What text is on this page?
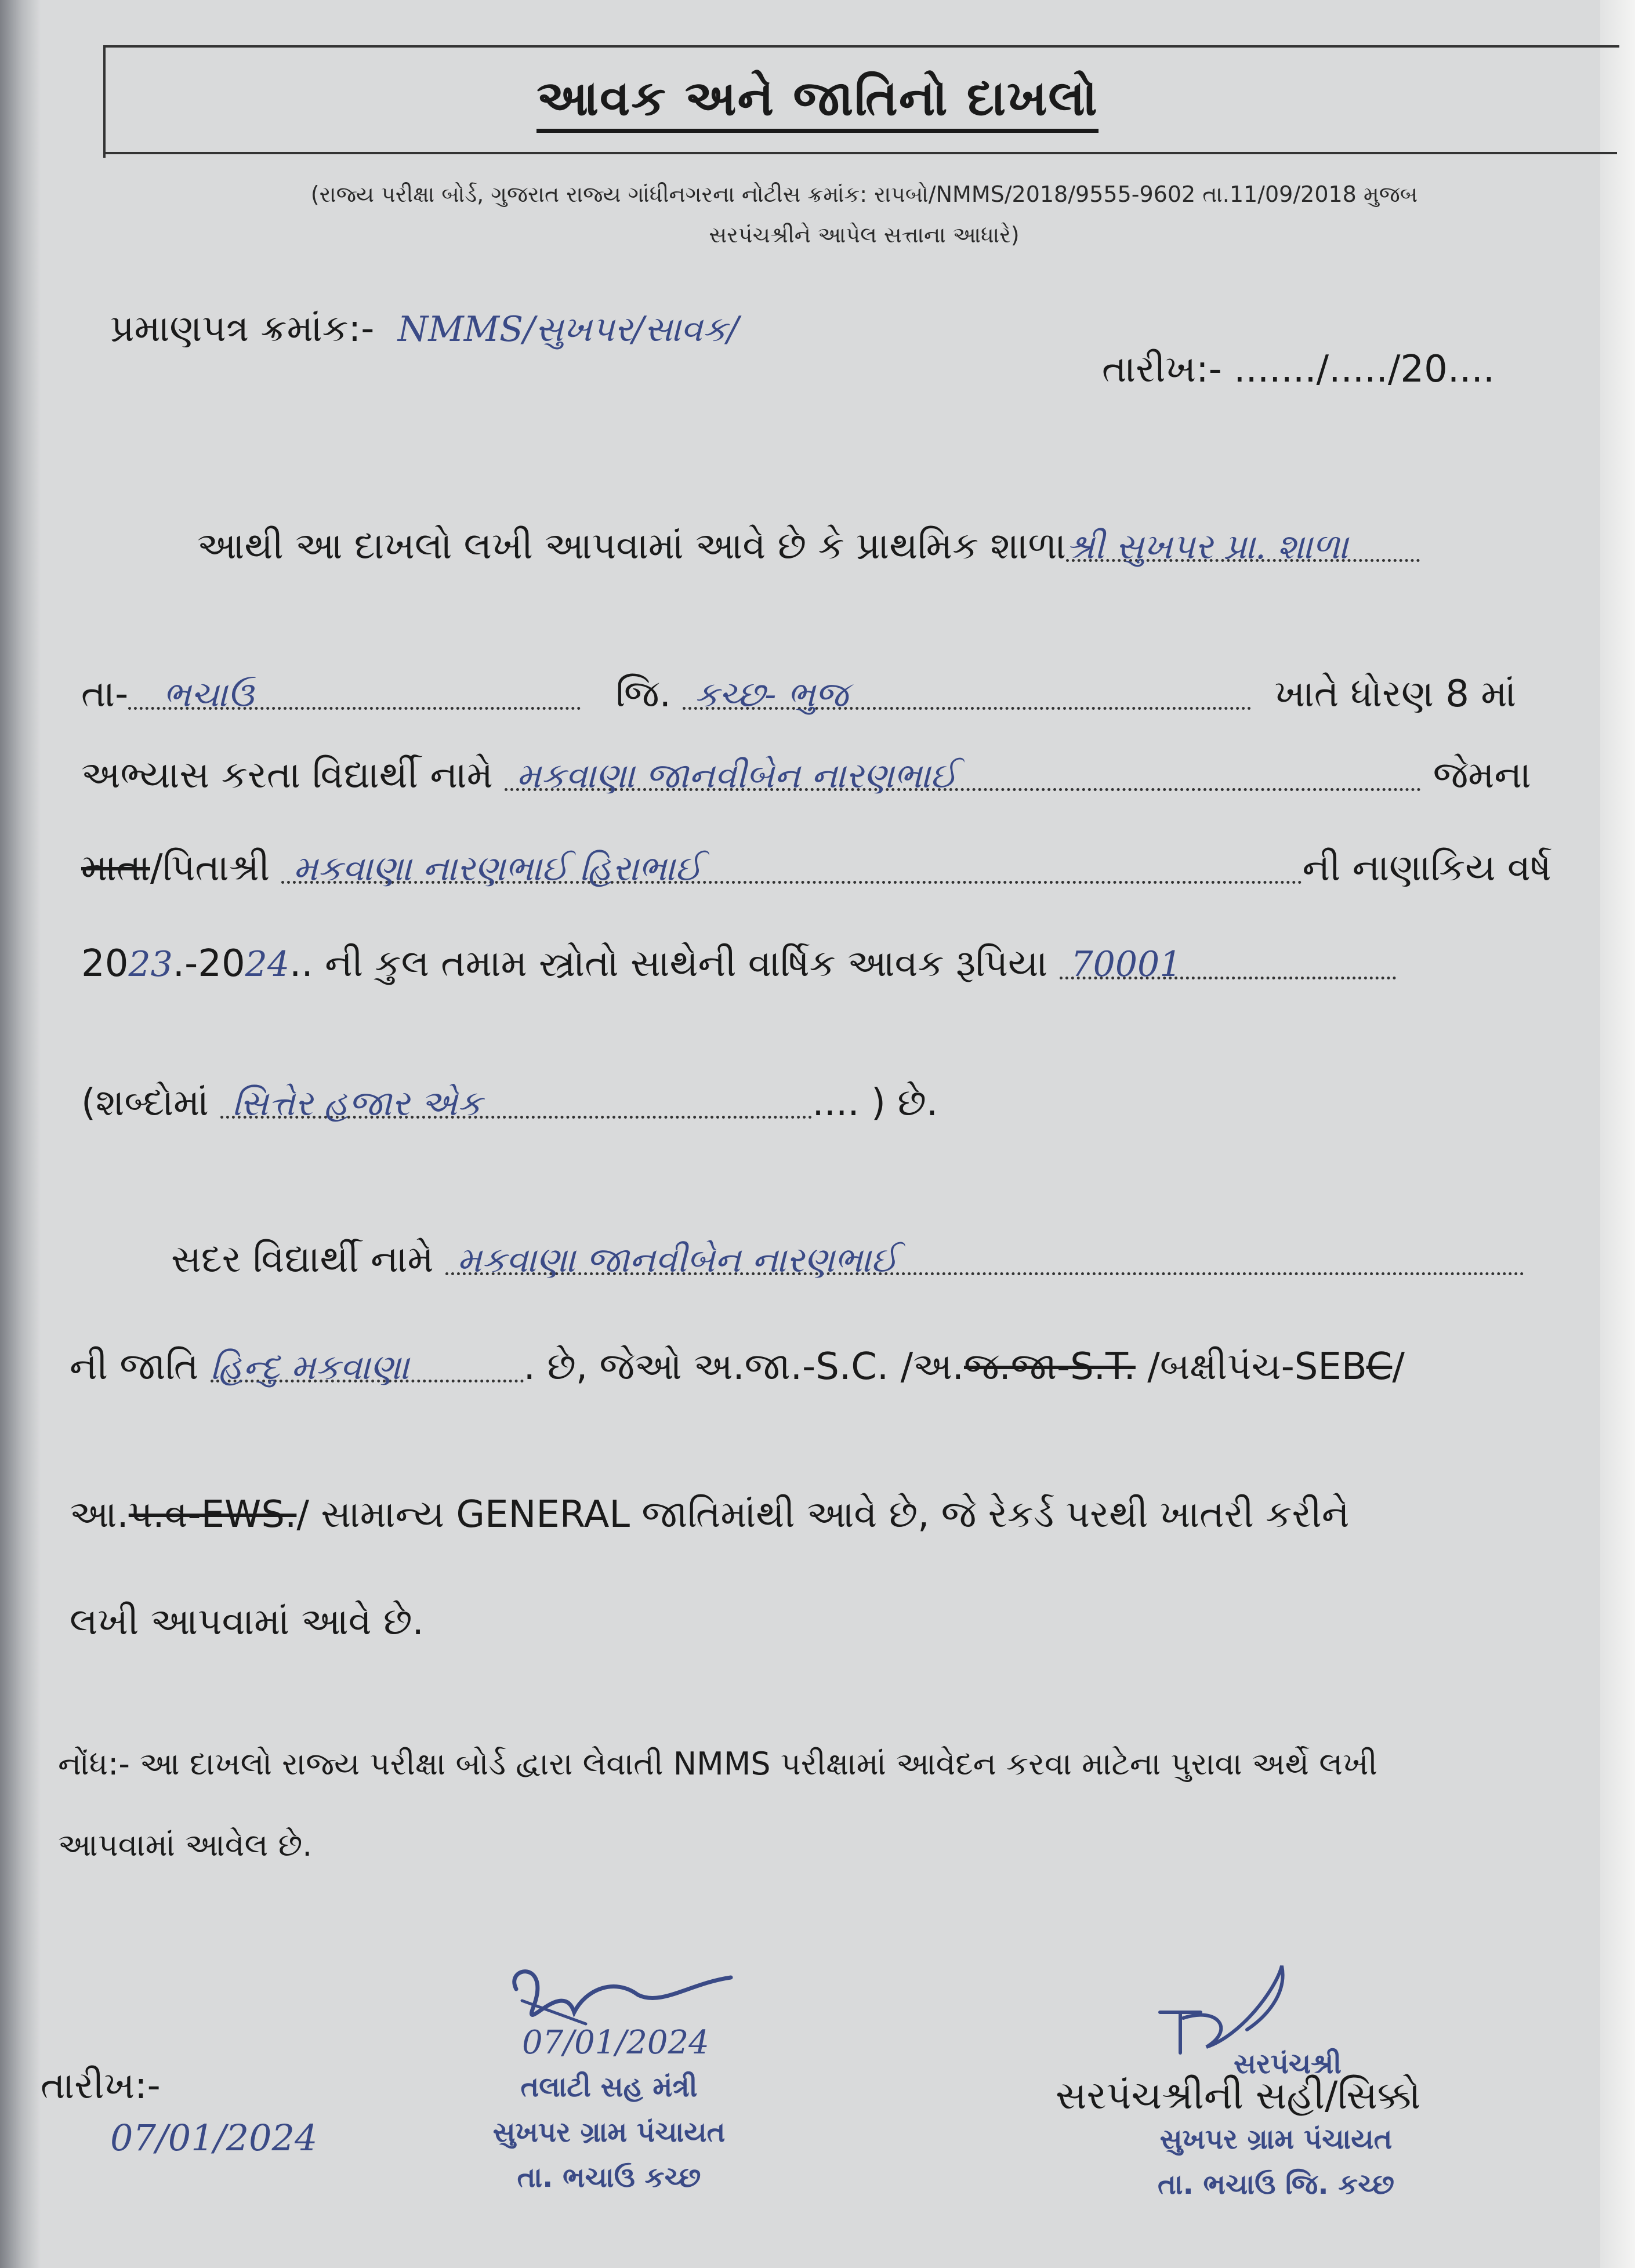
આવક અને જાતિનો દાખલો
(રાજ્ય પરીક્ષા બોર્ડ, ગુજરાત રાજ્ય ગાંધીનગરના નોટીસ ક્રમાંક: રાપબો/NMMS/2018/9555-9602 તા.11/09/2018 મુજબ
સરપંચશ્રીને આપેલ સત્તાના આધારે)
પ્રમાણપત્ર ક્રમાંક:- NMMS/સુખપર/સાવક/
તારીખ:- ......./...../20....
આથી આ દાખલો લખી આપવામાં આવે છે કે પ્રાથમિક શાળાશ્રી સુખપર પ્રા. શાળા
તા- ભચાઉ	જિ. કચ્છ- ભુજ	ખાતે ધોરણ 8 માં
અભ્યાસ કરતા વિદ્યાર્થી નામે મકવાણા જાનવીબેન નારણભાઈ	જેમના
માતા/પિતાશ્રી મકવાણા નારણભાઈ હિરાભાઈ	ની નાણાકિય વર્ષ
2023.-2024.. ની કુલ તમામ સ્ત્રોતો સાથેની વાર્ષિક આવક રૂપિયા 70001
(શબ્દોમાં સિત્તેર હજાર એક	.... ) છે.
સદર વિદ્યાર્થી નામે મકવાણા જાનવીબેન નારણભાઈ
ની જાતિ હિન્દુ મકવાણા	. છે, જેઓ અ.જા.-S.C. /અ.જ.જા-S.T. /બક્ષીપંચ-SEBC/
આ.પ.વ-EWS./ સામાન્ય GENERAL જાતિમાંથી આવે છે, જે રેકર્ડ પરથી ખાતરી કરીને
લખી આપવામાં આવે છે.
નોંધ:- આ દાખલો રાજ્ય પરીક્ષા બોર્ડ દ્વારા લેવાતી NMMS પરીક્ષામાં આવેદન કરવા માટેના પુરાવા અર્થે લખી
આપવામાં આવેલ છે.
તારીખ:-
07/01/2024
07/01/2024
તલાટી સહ મંત્રી
સુખપર ગ્રામ પંચાયત
તા. ભચાઉ કચ્છ
સરપંચશ્રી
સરપંચશ્રીની સહી/સિક્કો
સુખપર ગ્રામ પંચાયત
તા. ભચાઉ જિ. કચ્છ
